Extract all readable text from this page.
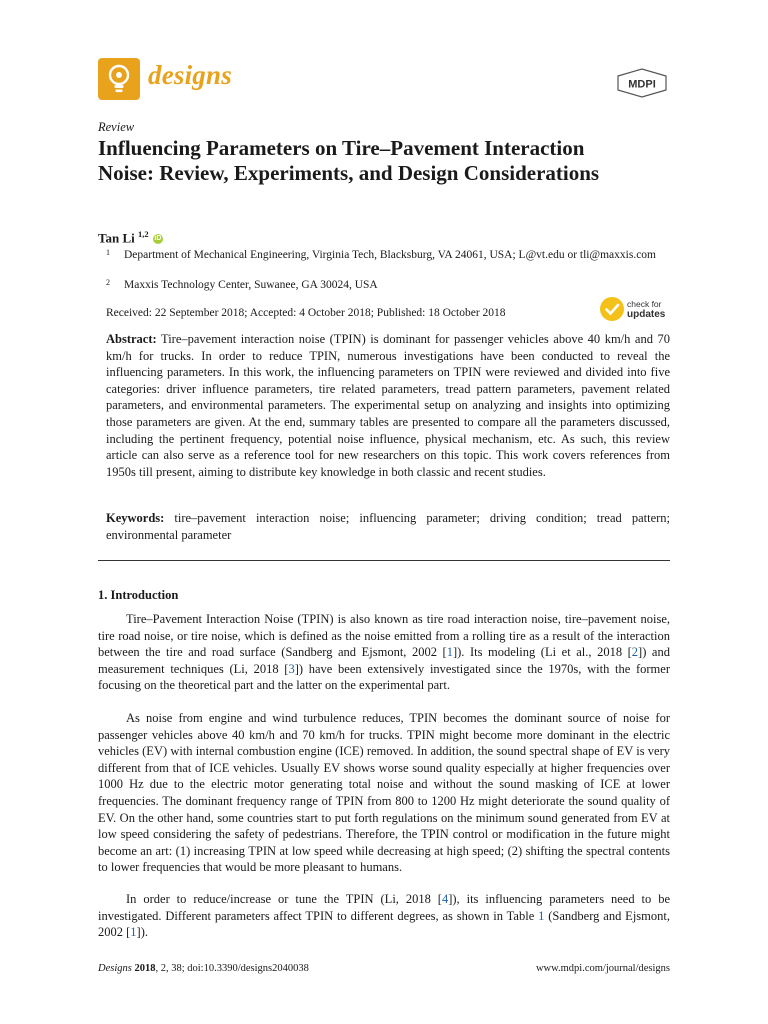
designs	MDPI
Review
Influencing Parameters on Tire–Pavement Interaction Noise: Review, Experiments, and Design Considerations
Tan Li $^{1,2}$ iD
1 Department of Mechanical Engineering, Virginia Tech, Blacksburg, VA 24061, USA; L@vt.edu or tli@maxxis.com
2 Maxxis Technology Center, Suwanee, GA 30024, USA
Received: 22 September 2018; Accepted: 4 October 2018; Published: 18 October 2018
check for
updates
Abstract: Tire–pavement interaction noise (TPIN) is dominant for passenger vehicles above 40 km/h and 70 km/h for trucks. In order to reduce TPIN, numerous investigations have been conducted to reveal the influencing parameters. In this work, the influencing parameters on TPIN were reviewed and divided into five categories: driver influence parameters, tire related parameters, tread pattern parameters, pavement related parameters, and environmental parameters. The experimental setup on analyzing and insights into optimizing those parameters are given. At the end, summary tables are presented to compare all the parameters discussed, including the pertinent frequency, potential noise influence, physical mechanism, etc. As such, this review article can also serve as a reference tool for new researchers on this topic. This work covers references from 1950s till present, aiming to distribute key knowledge in both classic and recent studies.
Keywords: tire–pavement interaction noise; influencing parameter; driving condition; tread pattern; environmental parameter
1. Introduction

Tire–Pavement Interaction Noise (TPIN) is also known as tire road interaction noise, tire–pavement noise, tire road noise, or tire noise, which is defined as the noise emitted from a rolling tire as a result of the interaction between the tire and road surface (Sandberg and Ejsmont, 2002 [1]). Its modeling (Li et al., 2018 [2]) and measurement techniques (Li, 2018 [3]) have been extensively investigated since the 1970s, with the former focusing on the theoretical part and the latter on the experimental part.

As noise from engine and wind turbulence reduces, TPIN becomes the dominant source of noise for passenger vehicles above 40 km/h and 70 km/h for trucks. TPIN might become more dominant in the electric vehicles (EV) with internal combustion engine (ICE) removed. In addition, the sound spectral shape of EV is very different from that of ICE vehicles. Usually EV shows worse sound quality especially at higher frequencies over 1000 Hz due to the electric motor generating total noise and without the sound masking of ICE at lower frequencies. The dominant frequency range of TPIN from 800 to 1200 Hz might deteriorate the sound quality of EV. On the other hand, some countries start to put forth regulations on the minimum sound generated from EV at low speed considering the safety of pedestrians. Therefore, the TPIN control or modification in the future might become an art: (1) increasing TPIN at low speed while decreasing at high speed; (2) shifting the spectral contents to lower frequencies that would be more pleasant to humans.

In order to reduce/increase or tune the TPIN (Li, 2018 [4]), its influencing parameters need to be investigated. Different parameters affect TPIN to different degrees, as shown in Table 1 (Sandberg and Ejsmont, 2002 [1]).

Designs 2018, 2, 38; doi:10.3390/designs2040038	www.mdpi.com/journal/designs
